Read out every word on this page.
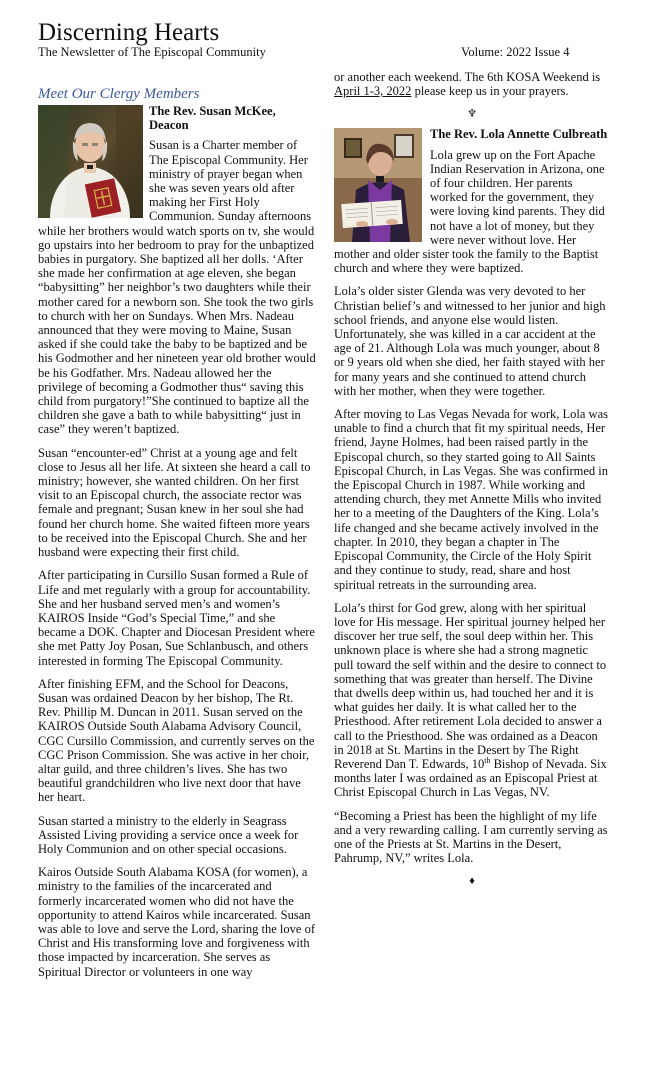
Discerning Hearts
The Newsletter of The Episcopal Community	Volume: 2022 Issue 4
Meet Our Clergy Members
The Rev. Susan McKee, Deacon

Susan is a Charter member of The Episcopal Community. Her ministry of prayer began when she was seven years old after making her First Holy Communion. Sunday afternoons while her brothers would watch sports on tv, she would go upstairs into her bedroom to pray for the unbaptized babies in purgatory. She baptized all her dolls. ‘After she made her confirmation at age eleven, she began “babysitting” her neighbor’s two daughters while their mother cared for a newborn son. She took the two girls to church with her on Sundays. When Mrs. Nadeau announced that they were moving to Maine, Susan asked if she could take the baby to be baptized and be his Godmother and her nineteen year old brother would be his Godfather. Mrs. Nadeau allowed her the privilege of becoming a Godmother thus“ saving this child from purgatory!”She continued to baptize all the children she gave a bath to while babysitting“ just in case” they weren’t baptized.

Susan “encounter-ed” Christ at a young age and felt close to Jesus all her life. At sixteen she heard a call to ministry; however, she wanted children. On her first visit to an Episcopal church, the associate rector was female and pregnant; Susan knew in her soul she had found her church home. She waited fifteen more years to be received into the Episcopal Church. She and her husband were expecting their first child.

After participating in Cursillo Susan formed a Rule of Life and met regularly with a group for accountability. She and her husband served men’s and women’s KAIROS Inside “God’s Special Time,” and she became a DOK. Chapter and Diocesan President where she met Patty Joy Posan, Sue Schlanbusch, and others interested in forming The Episcopal Community.

After finishing EFM, and the School for Deacons, Susan was ordained Deacon by her bishop, The Rt. Rev. Phillip M. Duncan in 2011. Susan served on the KAIROS Outside South Alabama Advisory Council, CGC Cursillo Commission, and currently serves on the CGC Prison Commission. She was active in her choir, altar guild, and three children’s lives. She has two beautiful grandchildren who live next door that have her heart.

Susan started a ministry to the elderly in Seagrass Assisted Living providing a service once a week for Holy Communion and on other special occasions.

Kairos Outside South Alabama KOSA (for women), a ministry to the families of the incarcerated and formerly incarcerated women who did not have the opportunity to attend Kairos while incarcerated. Susan was able to love and serve the Lord, sharing the love of Christ and His transforming love and forgiveness with those impacted by incarceration. She serves as Spiritual Director or volunteers in one way

or another each weekend. The 6th KOSA Weekend is April 1-3, 2022 please keep us in your prayers.

♆
The Rev. Lola Annette Culbreath

Lola grew up on the Fort Apache Indian Reservation in Arizona, one of four children. Her parents worked for the government, they were loving kind parents. They did not have a lot of money, but they were never without love. Her mother and older sister took the family to the Baptist church and where they were baptized.

Lola’s older sister Glenda was very devoted to her Christian belief’s and witnessed to her junior and high school friends, and anyone else would listen. Unfortunately, she was killed in a car accident at the age of 21. Although Lola was much younger, about 8 or 9 years old when she died, her faith stayed with her for many years and she continued to attend church with her mother, when they were together.

After moving to Las Vegas Nevada for work, Lola was unable to find a church that fit my spiritual needs, Her friend, Jayne Holmes, had been raised partly in the Episcopal church, so they started going to All Saints Episcopal Church, in Las Vegas. She was confirmed in the Episcopal Church in 1987. While working and attending church, they met Annette Mills who invited her to a meeting of the Daughters of the King. Lola’s life changed and she became actively involved in the chapter. In 2010, they began a chapter in The Episcopal Community, the Circle of the Holy Spirit and they continue to study, read, share and host spiritual retreats in the surrounding area.

Lola’s thirst for God grew, along with her spiritual love for His message. Her spiritual journey helped her discover her true self, the soul deep within her. This unknown place is where she had a strong magnetic pull toward the self within and the desire to connect to something that was greater than herself. The Divine that dwells deep within us, had touched her and it is what guides her daily. It is what called her to the Priesthood. After retirement Lola decided to answer a call to the Priesthood. She was ordained as a Deacon in 2018 at St. Martins in the Desert by The Right Reverend Dan T. Edwards, 10th Bishop of Nevada. Six months later I was ordained as an Episcopal Priest at Christ Episcopal Church in Las Vegas, NV.

“Becoming a Priest has been the highlight of my life and a very rewarding calling. I am currently serving as one of the Priests at St. Martins in the Desert, Pahrump, NV,” writes Lola.

♦
